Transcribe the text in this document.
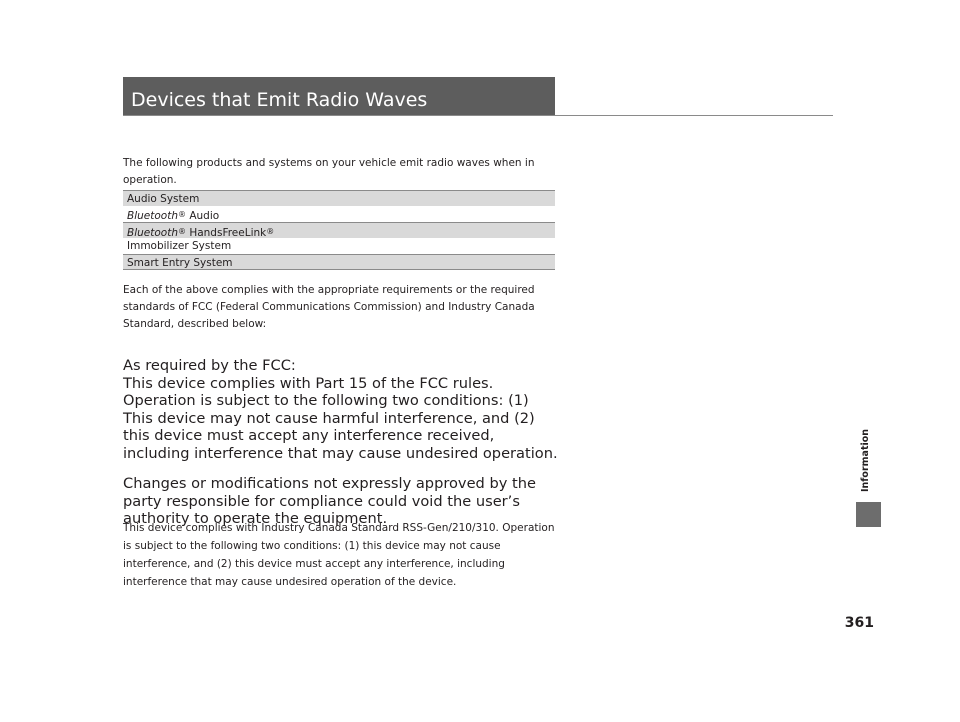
Devices that Emit Radio Waves
The following products and systems on your vehicle emit radio waves when in operation.
Audio System
Bluetooth® Audio
Bluetooth® HandsFreeLink®
Immobilizer System
Smart Entry System
Each of the above complies with the appropriate requirements or the required standards of FCC (Federal Communications Commission) and Industry Canada Standard, described below:

As required by the FCC:

This device complies with Part 15 of the FCC rules. Operation is subject to the following two conditions: (1) This device may not cause harmful interference, and (2) this device must accept any interference received, including interference that may cause undesired operation.

Changes or modifications not expressly approved by the party responsible for compliance could void the user’s authority to operate the equipment.

This device complies with Industry Canada Standard RSS-Gen/210/310. Operation is subject to the following two conditions: (1) this device may not cause interference, and (2) this device must accept any interference, including interference that may cause undesired operation of the device.
Information
361
